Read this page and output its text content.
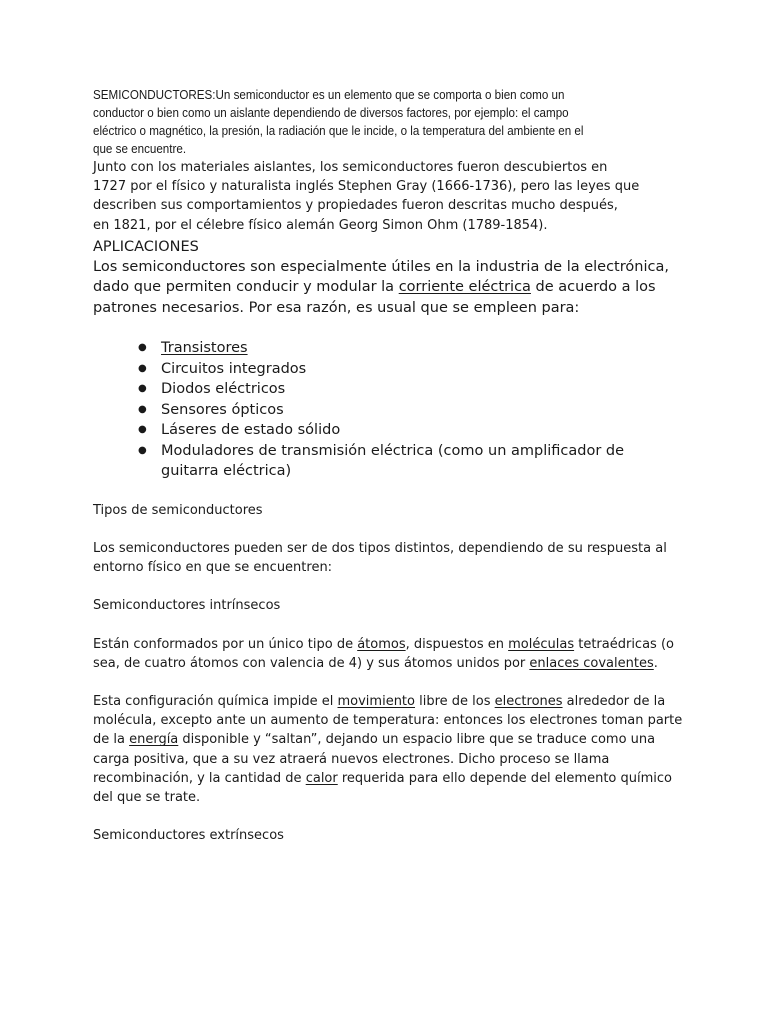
SEMICONDUCTORES:Un semiconductor es un elemento que se comporta o bien como un
conductor o bien como un aislante dependiendo de diversos factores, por ejemplo: el campo
eléctrico o magnético, la presión, la radiación que le incide, o la temperatura del ambiente en el
que se encuentre.

Junto con los materiales aislantes, los semiconductores fueron descubiertos en
1727 por el físico y naturalista inglés Stephen Gray (1666-1736), pero las leyes que
describen sus comportamientos y propiedades fueron descritas mucho después,
en 1821, por el célebre físico alemán Georg Simon Ohm (1789-1854).

APLICACIONES

Los semiconductores son especialmente útiles en la industria de la electrónica, dado que permiten conducir y modular la corriente eléctrica de acuerdo a los patrones necesarios. Por esa razón, es usual que se empleen para:

● Transistores
● Circuitos integrados
● Diodos eléctricos
● Sensores ópticos
● Láseres de estado sólido
● Moduladores de transmisión eléctrica (como un amplificador de guitarra eléctrica)

Tipos de semiconductores

Los semiconductores pueden ser de dos tipos distintos, dependiendo de su respuesta al entorno físico en que se encuentren:

Semiconductores intrínsecos

Están conformados por un único tipo de átomos, dispuestos en moléculas tetraédricas (o sea, de cuatro átomos con valencia de 4) y sus átomos unidos por enlaces covalentes.

Esta configuración química impide el movimiento libre de los electrones alrededor de la molécula, excepto ante un aumento de temperatura: entonces los electrones toman parte de la energía disponible y “saltan”, dejando un espacio libre que se traduce como una carga positiva, que a su vez atraerá nuevos electrones. Dicho proceso se llama recombinación, y la cantidad de calor requerida para ello depende del elemento químico del que se trate.

Semiconductores extrínsecos
